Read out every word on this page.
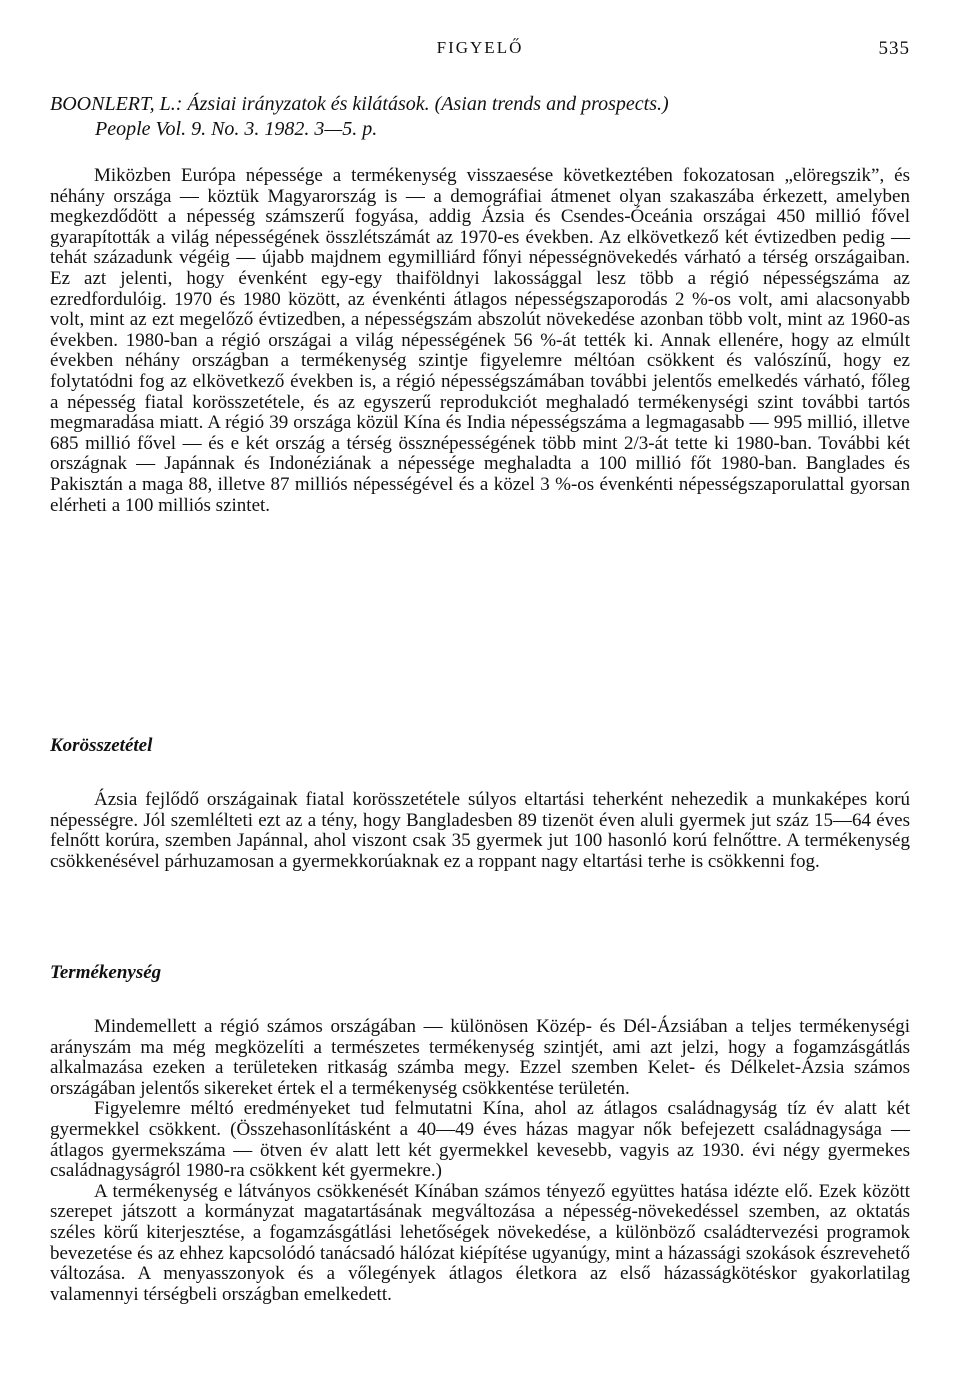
FIGYELŐ	535
BOONLERT, L.: Ázsiai irányzatok és kilátások. (Asian trends and prospects.)
People Vol. 9. No. 3. 1982. 3—5. p.

Miközben Európa népessége a termékenység visszaesése következtében fokozatosan „elöregszik”, és néhány országa — köztük Magyarország is — a demográfiai átmenet olyan szakaszába érkezett, amelyben megkezdődött a népesség számszerű fogyása, addig Ázsia és Csendes-Óceánia országai 450 millió fővel gyarapították a világ népességének összlétszámát az 1970-es években. Az elkövetkező két évtizedben pedig — tehát századunk végéig — újabb majdnem egymilliárd főnyi népességnövekedés várható a térség országaiban. Ez azt jelenti, hogy évenként egy-egy thaiföldnyi lakossággal lesz több a régió népességszáma az ezredfordulóig. 1970 és 1980 között, az évenkénti átlagos népességszaporodás 2 %-os volt, ami alacsonyabb volt, mint az ezt megelőző évtizedben, a népességszám abszolút növekedése azonban több volt, mint az 1960-as években. 1980-ban a régió országai a világ népességének 56 %-át tették ki. Annak ellenére, hogy az elmúlt években néhány országban a termékenység szintje figyelemre méltóan csökkent és valószínű, hogy ez folytatódni fog az elkövetkező években is, a régió népességszámában további jelentős emelkedés várható, főleg a népesség fiatal korösszetétele, és az egyszerű reprodukciót meghaladó termékenységi szint további tartós megmaradása miatt. A régió 39 országa közül Kína és India népességszáma a legmagasabb — 995 millió, illetve 685 millió fővel — és e két ország a térség össznépességének több mint 2/3-át tette ki 1980-ban. További két országnak — Japánnak és Indonéziának a népessége meghaladta a 100 millió főt 1980-ban. Banglades és Pakisztán a maga 88, illetve 87 milliós népességével és a közel 3 %-os évenkénti népességszaporulattal gyorsan elérheti a 100 milliós szintet.

Korösszetétel

Ázsia fejlődő országainak fiatal korösszetétele súlyos eltartási teherként nehezedik a munkaképes korú népességre. Jól szemlélteti ezt az a tény, hogy Bangladesben 89 tizenöt éven aluli gyermek jut száz 15—64 éves felnőtt korúra, szemben Japánnal, ahol viszont csak 35 gyermek jut 100 hasonló korú felnőttre. A termékenység csökkenésével párhuzamosan a gyermekkorúaknak ez a roppant nagy eltartási terhe is csökkenni fog.

Termékenység

Mindemellett a régió számos országában — különösen Közép- és Dél-Ázsiában a teljes termékenységi arányszám ma még megközelíti a természetes termékenység szintjét, ami azt jelzi, hogy a fogamzásgátlás alkalmazása ezeken a területeken ritkaság számba megy. Ezzel szemben Kelet- és Délkelet-Ázsia számos országában jelentős sikereket értek el a termékenység csökkentése területén.

Figyelemre méltó eredményeket tud felmutatni Kína, ahol az átlagos családnagyság tíz év alatt két gyermekkel csökkent. (Összehasonlításként a 40—49 éves házas magyar nők befejezett családnagysága — átlagos gyermekszáma — ötven év alatt lett két gyermekkel kevesebb, vagyis az 1930. évi négy gyermekes családnagyságról 1980-ra csökkent két gyermekre.)

A termékenység e látványos csökkenését Kínában számos tényező együttes hatása idézte elő. Ezek között szerepet játszott a kormányzat magatartásának megváltozása a népesség-növekedéssel szemben, az oktatás széles körű kiterjesztése, a fogamzásgátlási lehetőségek növekedése, a különböző családtervezési programok bevezetése és az ehhez kapcsolódó tanácsadó hálózat kiépítése ugyanúgy, mint a házassági szokások észrevehető változása. A menyasszonyok és a vőlegények átlagos életkora az első házasságkötéskor gyakorlatilag valamennyi térségbeli országban emelkedett.
